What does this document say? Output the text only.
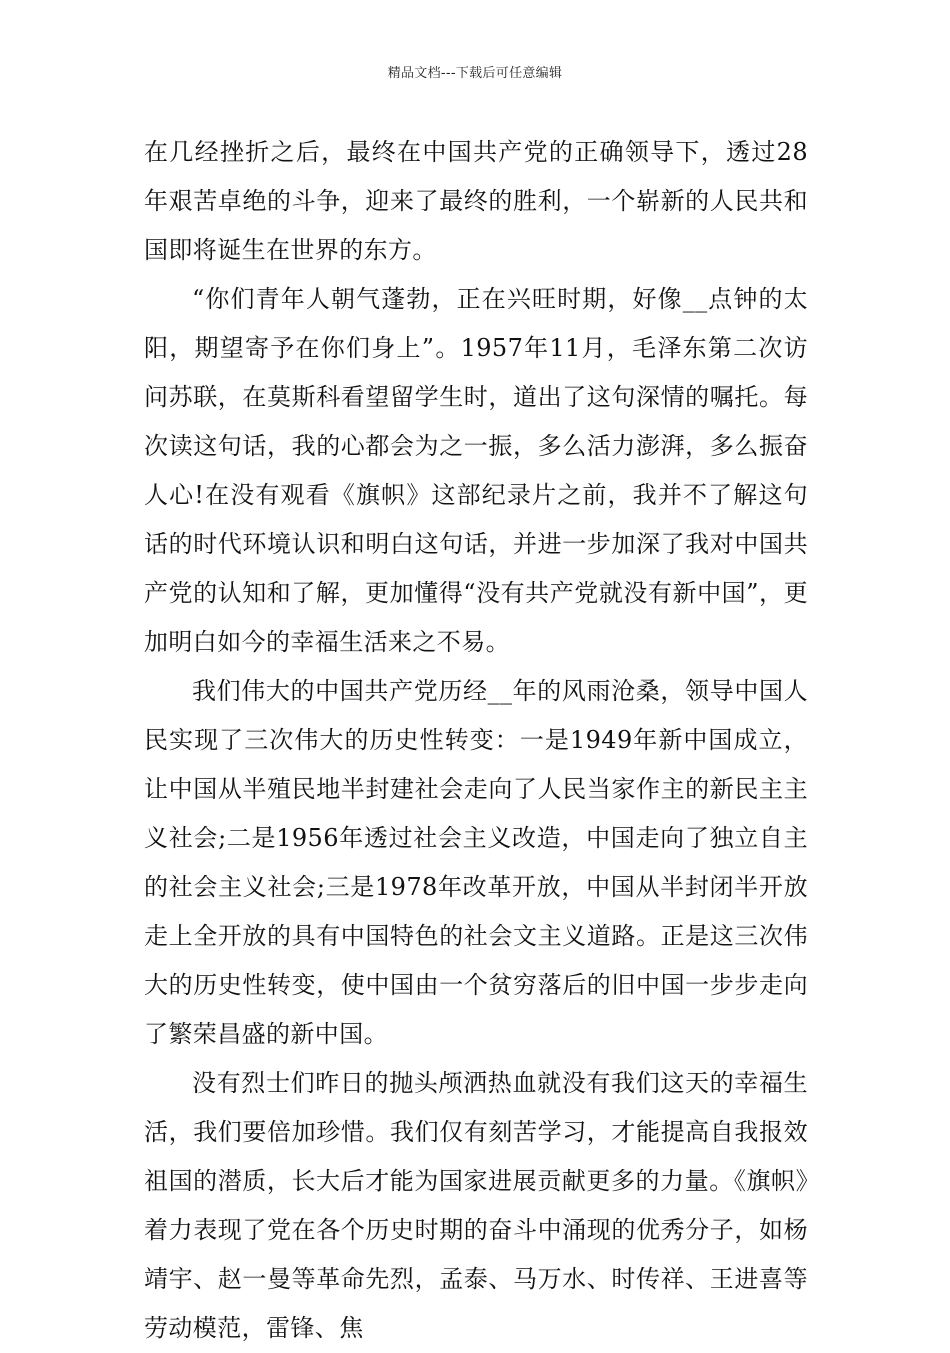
精品文档---下载后可任意编辑

在几经挫折之后，最终在中国共产党的正确领导下，透过28年艰苦卓绝的斗争，迎来了最终的胜利，一个崭新的人民共和国即将诞生在世界的东方。

“你们青年人朝气蓬勃，正在兴旺时期，好像__点钟的太阳，期望寄予在你们身上”。1957年11月，毛泽东第二次访问苏联，在莫斯科看望留学生时，道出了这句深情的嘱托。每次读这句话，我的心都会为之一振，多么活力澎湃，多么振奋人心!在没有观看《旗帜》这部纪录片之前，我并不了解这句话的时代环境认识和明白这句话，并进一步加深了我对中国共产党的认知和了解，更加懂得“没有共产党就没有新中国”，更加明白如今的幸福生活来之不易。

我们伟大的中国共产党历经__年的风雨沧桑，领导中国人民实现了三次伟大的历史性转变：一是1949年新中国成立，让中国从半殖民地半封建社会走向了人民当家作主的新民主主义社会;二是1956年透过社会主义改造，中国走向了独立自主的社会主义社会;三是1978年改革开放，中国从半封闭半开放走上全开放的具有中国特色的社会文主义道路。正是这三次伟大的历史性转变，使中国由一个贫穷落后的旧中国一步步走向了繁荣昌盛的新中国。

没有烈士们昨日的抛头颅洒热血就没有我们这天的幸福生活，我们要倍加珍惜。我们仅有刻苦学习，才能提高自我报效祖国的潜质，长大后才能为国家进展贡献更多的力量。《旗帜》着力表现了党在各个历史时期的奋斗中涌现的优秀分子，如杨靖宇、赵一曼等革命先烈，孟泰、马万水、时传祥、王进喜等劳动模范，雷锋、焦
